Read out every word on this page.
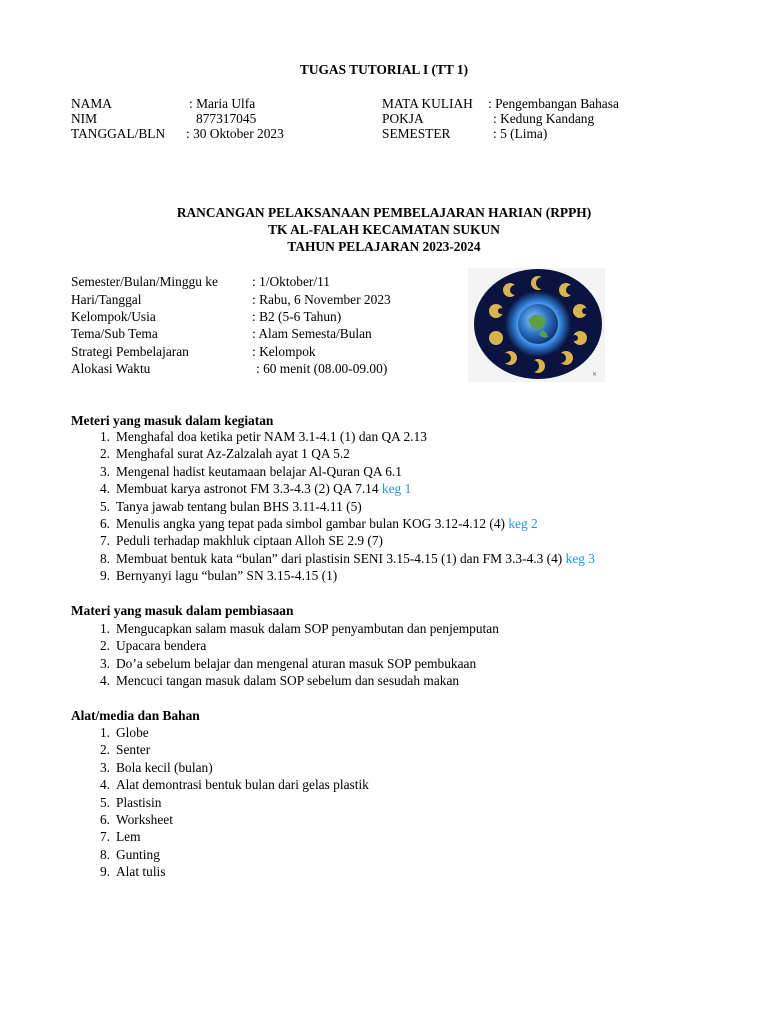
TUGAS TUTORIAL I (TT 1)
NAMA	: Maria Ulfa
NIM	877317045
TANGGAL/BLN : 30 Oktober 2023
MATA KULIAH : Pengembangan Bahasa
POKJA	: Kedung Kandang
SEMESTER	: 5 (Lima)
RANCANGAN PELAKSANAAN PEMBELAJARAN HARIAN (RPPH)
TK AL-FALAH KECAMATAN SUKUN
TAHUN PELAJARAN 2023-2024
Semester/Bulan/Minggu ke	: 1/Oktober/11
Hari/Tanggal	: Rabu, 6 November 2023
Kelompok/Usia	: B2 (5-6 Tahun)
Tema/Sub Tema	: Alam Semesta/Bulan
Strategi Pembelajaran	: Kelompok
Alokasi Waktu	: 60 menit (08.00-09.00)	✕
Meteri yang masuk dalam kegiatan
1. Menghafal doa ketika petir NAM 3.1-4.1 (1) dan QA 2.13
2. Menghafal surat Az-Zalzalah ayat 1 QA 5.2
3. Mengenal hadist keutamaan belajar Al-Quran QA 6.1
4. Membuat karya astronot FM 3.3-4.3 (2) QA 7.14 keg 1
5. Tanya jawab tentang bulan BHS 3.11-4.11 (5)
6. Menulis angka yang tepat pada simbol gambar bulan KOG 3.12-4.12 (4) keg 2
7. Peduli terhadap makhluk ciptaan Alloh SE 2.9 (7)
8. Membuat bentuk kata “bulan” dari plastisin SENI 3.15-4.15 (1) dan FM 3.3-4.3 (4) keg 3
9. Bernyanyi lagu “bulan” SN 3.15-4.15 (1)
Materi yang masuk dalam pembiasaan
1. Mengucapkan salam masuk dalam SOP penyambutan dan penjemputan
2. Upacara bendera
3. Do’a sebelum belajar dan mengenal aturan masuk SOP pembukaan
4. Mencuci tangan masuk dalam SOP sebelum dan sesudah makan
Alat/media dan Bahan
1. Globe
2. Senter
3. Bola kecil (bulan)
4. Alat demontrasi bentuk bulan dari gelas plastik
5. Plastisin
6. Worksheet
7. Lem
8. Gunting
9. Alat tulis
